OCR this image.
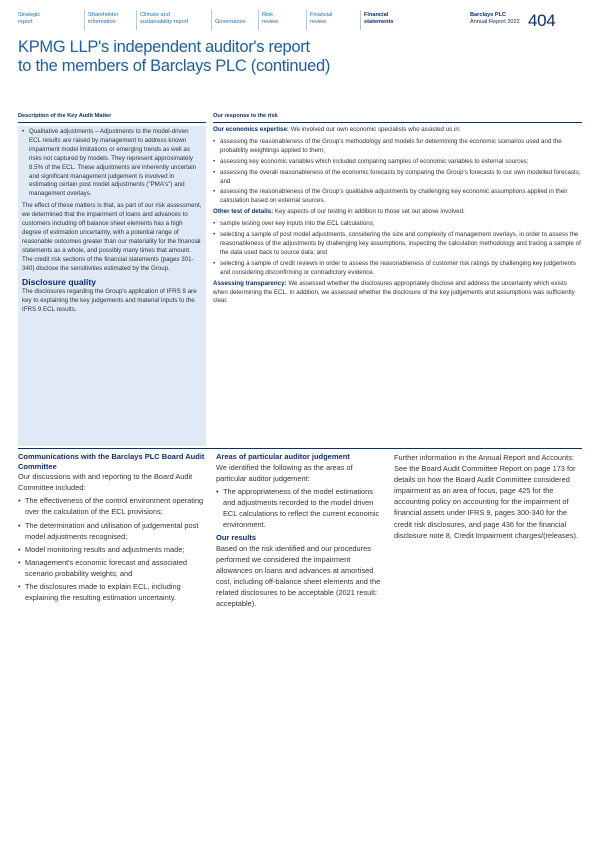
Strategic
report
Shareholder
information
Climate and
sustainability report	Governance
Risk
review
Financial
review
Financial
statements
Barclays PLC
Annual Report 2022 404
KPMG LLP's independent auditor's report
to the members of Barclays PLC (continued)
Description of the Key Audit Matter	Our response to the risk

• Qualitative adjustments – Adjustments to the model-driven ECL results are raised by management to address known impairment model limitations or emerging trends as well as risks not captured by models. They represent approximately 8.5% of the ECL. These adjustments are inherently uncertain and significant management judgement is involved in estimating certain post model adjustments ("PMA's") and management overlays.

The effect of these matters is that, as part of our risk assessment, we determined that the impairment of loans and advances to customers including off balance sheet elements has a high degree of estimation uncertainty, with a potential range of reasonable outcomes greater than our materiality for the financial statements as a whole, and possibly many times that amount. The credit risk sections of the financial statements (pages 301-340) disclose the sensitivities estimated by the Group.

Disclosure quality

The disclosures regarding the Group's application of IFRS 9 are key to explaining the key judgements and material inputs to the IFRS 9 ECL results.

Our economics expertise: We involved our own economic specialists who assisted us in:

• assessing the reasonableness of the Group's methodology and models for determining the economic scenarios used and the probability weightings applied to them;
• assessing key economic variables which included comparing samples of economic variables to external sources;
• assessing the overall reasonableness of the economic forecasts by comparing the Group's forecasts to our own modelled forecasts; and
• assessing the reasonableness of the Group's qualitative adjustments by challenging key economic assumptions applied in their calculation based on external sources.

Other test of details: Key aspects of our testing in addition to those set out above involved:

• sample testing over key inputs into the ECL calculations;
• selecting a sample of post model adjustments, considering the size and complexity of management overlays, in order to assess the reasonableness of the adjustments by challenging key assumptions, inspecting the calculation methodology and tracing a sample of the data used back to source data; and
• selecting a sample of credit reviews in order to assess the reasonableness of customer risk ratings by challenging key judgements and considering disconfirming or contradictory evidence.

Assessing transparency: We assessed whether the disclosures appropriately disclose and address the uncertainty which exists when determining the ECL. In addition, we assessed whether the disclosure of the key judgements and assumptions was sufficiently clear.

Communications with the Barclays PLC Board Audit Committee

Our discussions with and reporting to the Board Audit Committee included:

• The effectiveness of the control environment operating over the calculation of the ECL provisions;
• The determination and utilisation of judgemental post model adjustments recognised;
• Model monitoring results and adjustments made;
• Management's economic forecast and associated scenario probability weights; and
• The disclosures made to explain ECL, including explaining the resulting estimation uncertainty.
Areas of particular auditor judgement

We identified the following as the areas of particular auditor judgement:

• The appropriateness of the model estimations and adjustments recorded to the model driven ECL calculations to reflect the current economic environment.
Our results

Based on the risk identified and our procedures performed we considered the impairment allowances on loans and advances at amortised cost, including off-balance sheet elements and the related disclosures to be acceptable (2021 result: acceptable).

Further information in the Annual Report and Accounts: See the Board Audit Committee Report on page 173 for details on how the Board Audit Committee considered impairment as an area of focus, page 425 for the accounting policy on accounting for the impairment of financial assets under IFRS 9, pages 300-340 for the credit risk disclosures, and page 436 for the financial disclosure note 8, Credit Impairment charges/(releases).
